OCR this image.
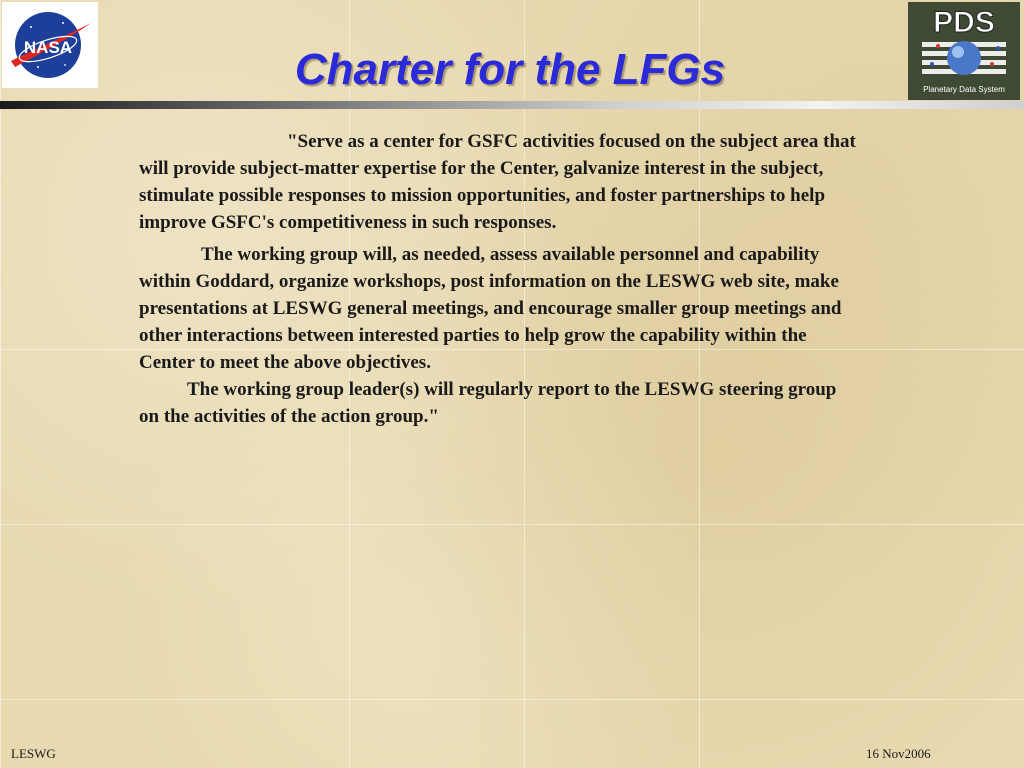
NASA
PDS
Planetary Data System
Charter for the LFGs

"Serve as a center for GSFC activities focused on the subject area that will provide subject-matter expertise for the Center, galvanize interest in the subject, stimulate possible responses to mission opportunities, and foster partnerships to help improve GSFC's competitiveness in such responses.

The working group will, as needed, assess available personnel and capability within Goddard, organize workshops, post information on the LESWG web site, make presentations at LESWG general meetings, and encourage smaller group meetings and other interactions between interested parties to help grow the capability within the Center to meet the above objectives.

The working group leader(s) will regularly report to the LESWG steering group on the activities of the action group."

LESWG	16 Nov2006
